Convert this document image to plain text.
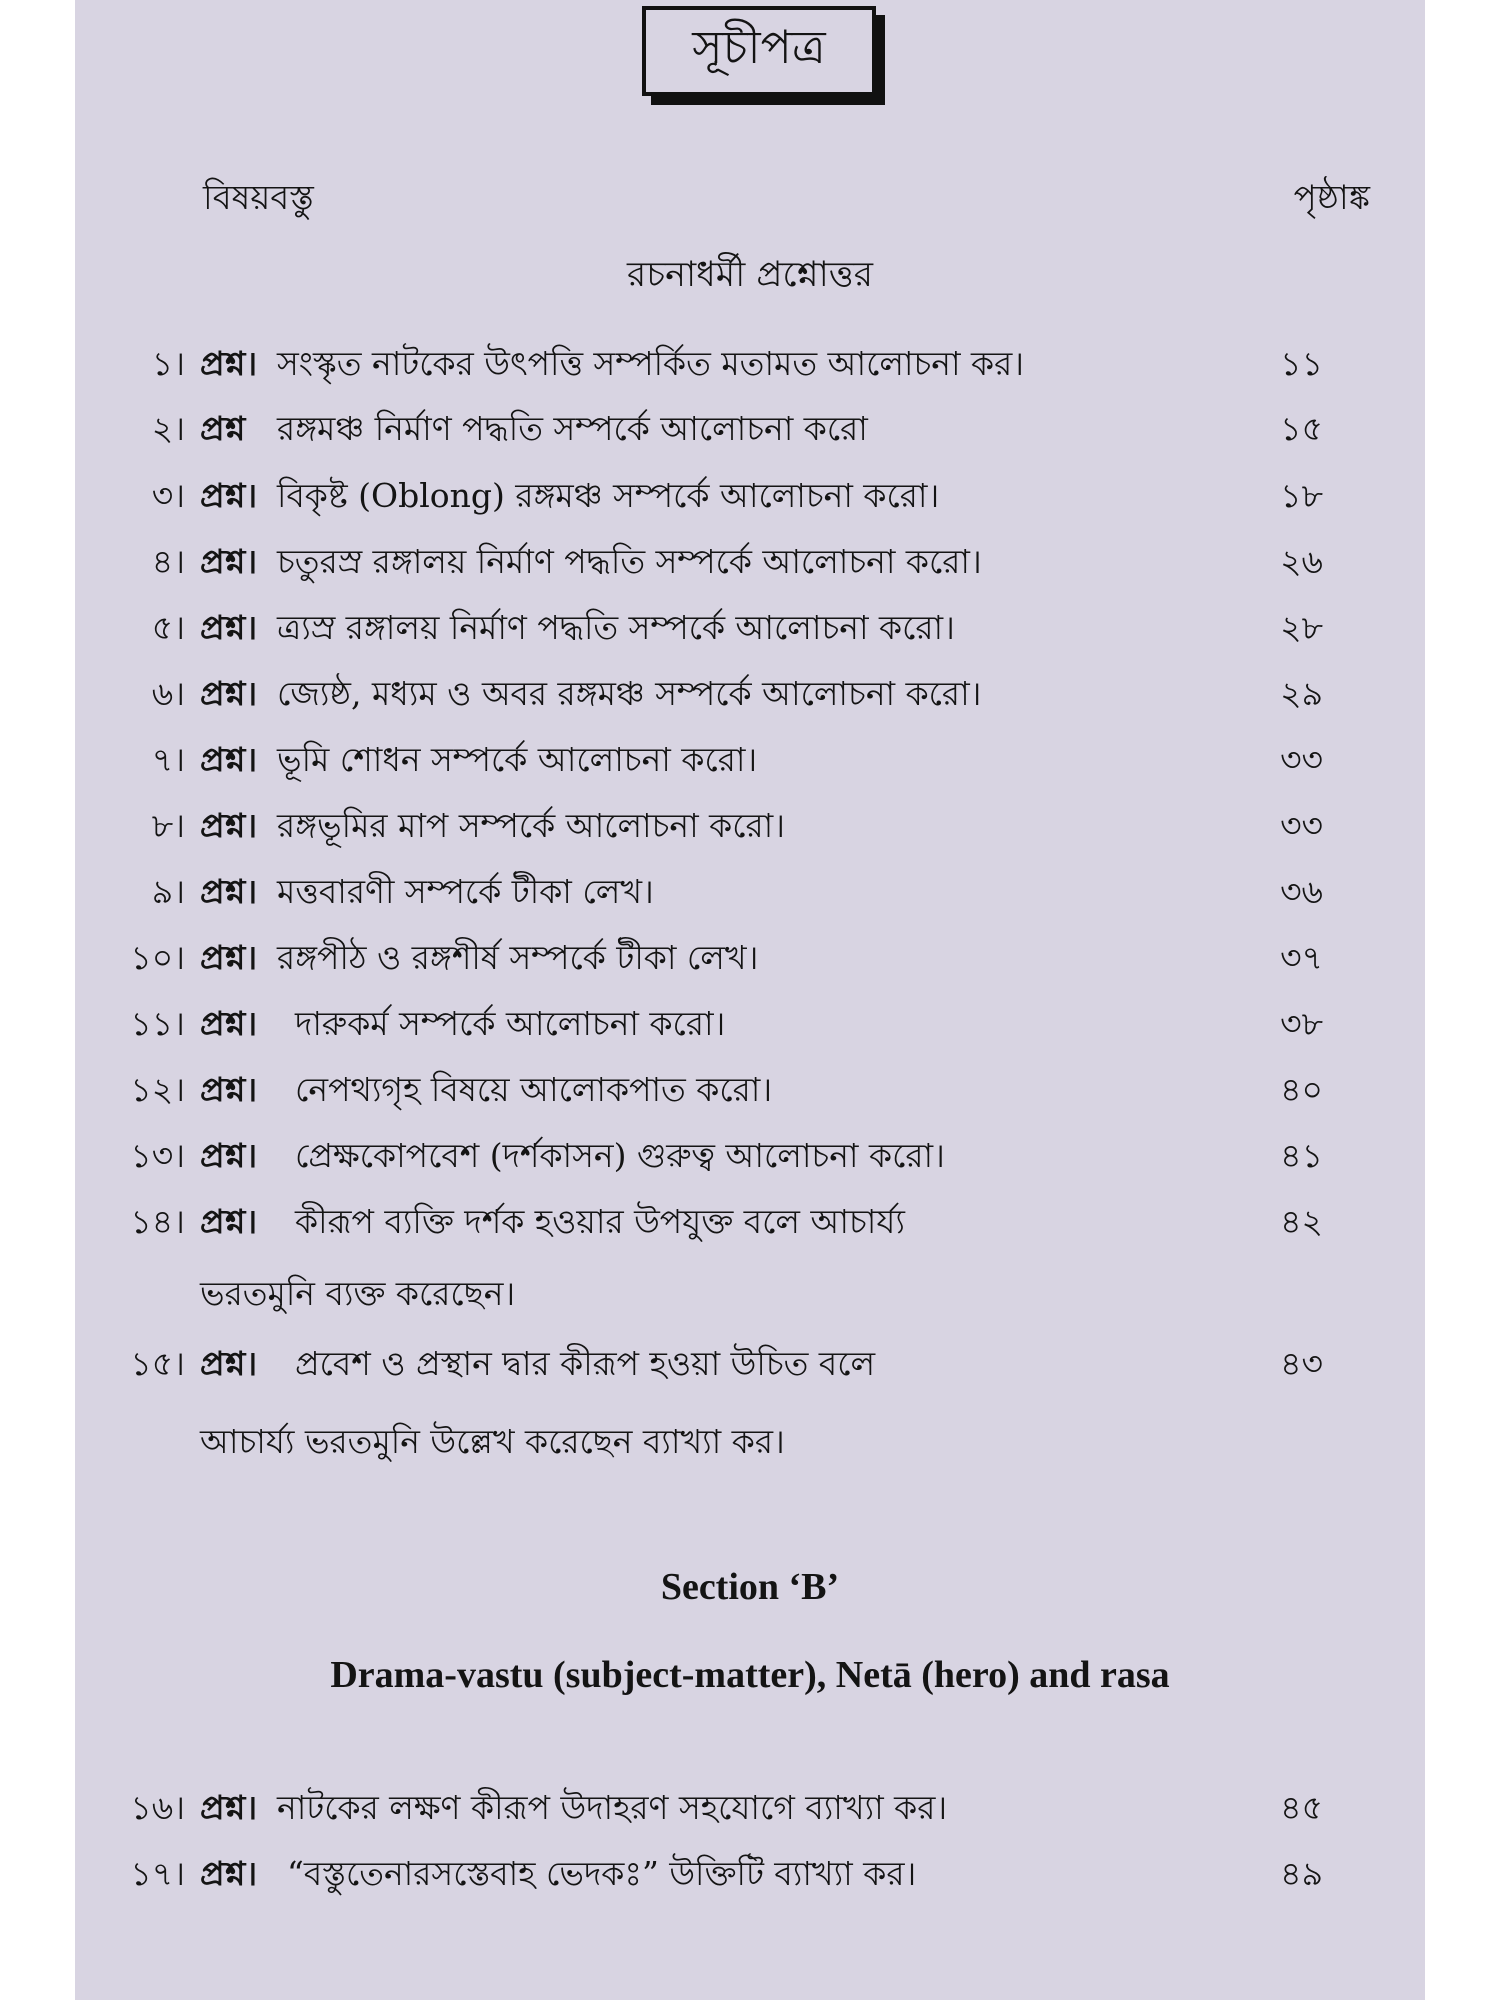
সূচীপত্র
বিষয়বস্তু	পৃষ্ঠাঙ্ক
রচনাধর্মী প্রশ্নোত্তর
১। প্রশ্ন। সংস্কৃত নাটকের উৎপত্তি সম্পর্কিত মতামত আলোচনা কর।	১১
২। প্রশ্ন রঙ্গমঞ্চ নির্মাণ পদ্ধতি সম্পর্কে আলোচনা করো	১৫
৩। প্রশ্ন। বিকৃষ্ট (Oblong) রঙ্গমঞ্চ সম্পর্কে আলোচনা করো।	১৮
৪। প্রশ্ন। চতুরস্র রঙ্গালয় নির্মাণ পদ্ধতি সম্পর্কে আলোচনা করো।	২৬
৫। প্রশ্ন। ত্র্যস্র রঙ্গালয় নির্মাণ পদ্ধতি সম্পর্কে আলোচনা করো।	২৮
৬। প্রশ্ন। জ্যেষ্ঠ, মধ্যম ও অবর রঙ্গমঞ্চ সম্পর্কে আলোচনা করো।	২৯
৭। প্রশ্ন। ভূমি শোধন সম্পর্কে আলোচনা করো।	৩৩
৮। প্রশ্ন। রঙ্গভূমির মাপ সম্পর্কে আলোচনা করো।	৩৩
৯। প্রশ্ন। মত্তবারণী সম্পর্কে টীকা লেখ।	৩৬
১০। প্রশ্ন। রঙ্গপীঠ ও রঙ্গশীর্ষ সম্পর্কে টীকা লেখ।	৩৭
১১। প্রশ্ন। দারুকর্ম সম্পর্কে আলোচনা করো।	৩৮
১২। প্রশ্ন। নেপথ্যগৃহ বিষয়ে আলোকপাত করো।	৪০
১৩। প্রশ্ন। প্রেক্ষকোপবেশ (দর্শকাসন) গুরুত্ব আলোচনা করো।	৪১
১৪। প্রশ্ন। কীরূপ ব্যক্তি দর্শক হওয়ার উপযুক্ত বলে আচার্য্য	৪২
ভরতমুনি ব্যক্ত করেছেন।
১৫। প্রশ্ন। প্রবেশ ও প্রস্থান দ্বার কীরূপ হওয়া উচিত বলে	৪৩
আচার্য্য ভরতমুনি উল্লেখ করেছেন ব্যাখ্যা কর।
Section ‘B’
Drama-vastu (subject-matter), Netā (hero) and rasa
১৬। প্রশ্ন। নাটকের লক্ষণ কীরূপ উদাহরণ সহযোগে ব্যাখ্যা কর।	৪৫
১৭। প্রশ্ন। “বস্তুতেনারসস্তেবাহ ভেদকঃ” উক্তিটি ব্যাখ্যা কর।	৪৯
